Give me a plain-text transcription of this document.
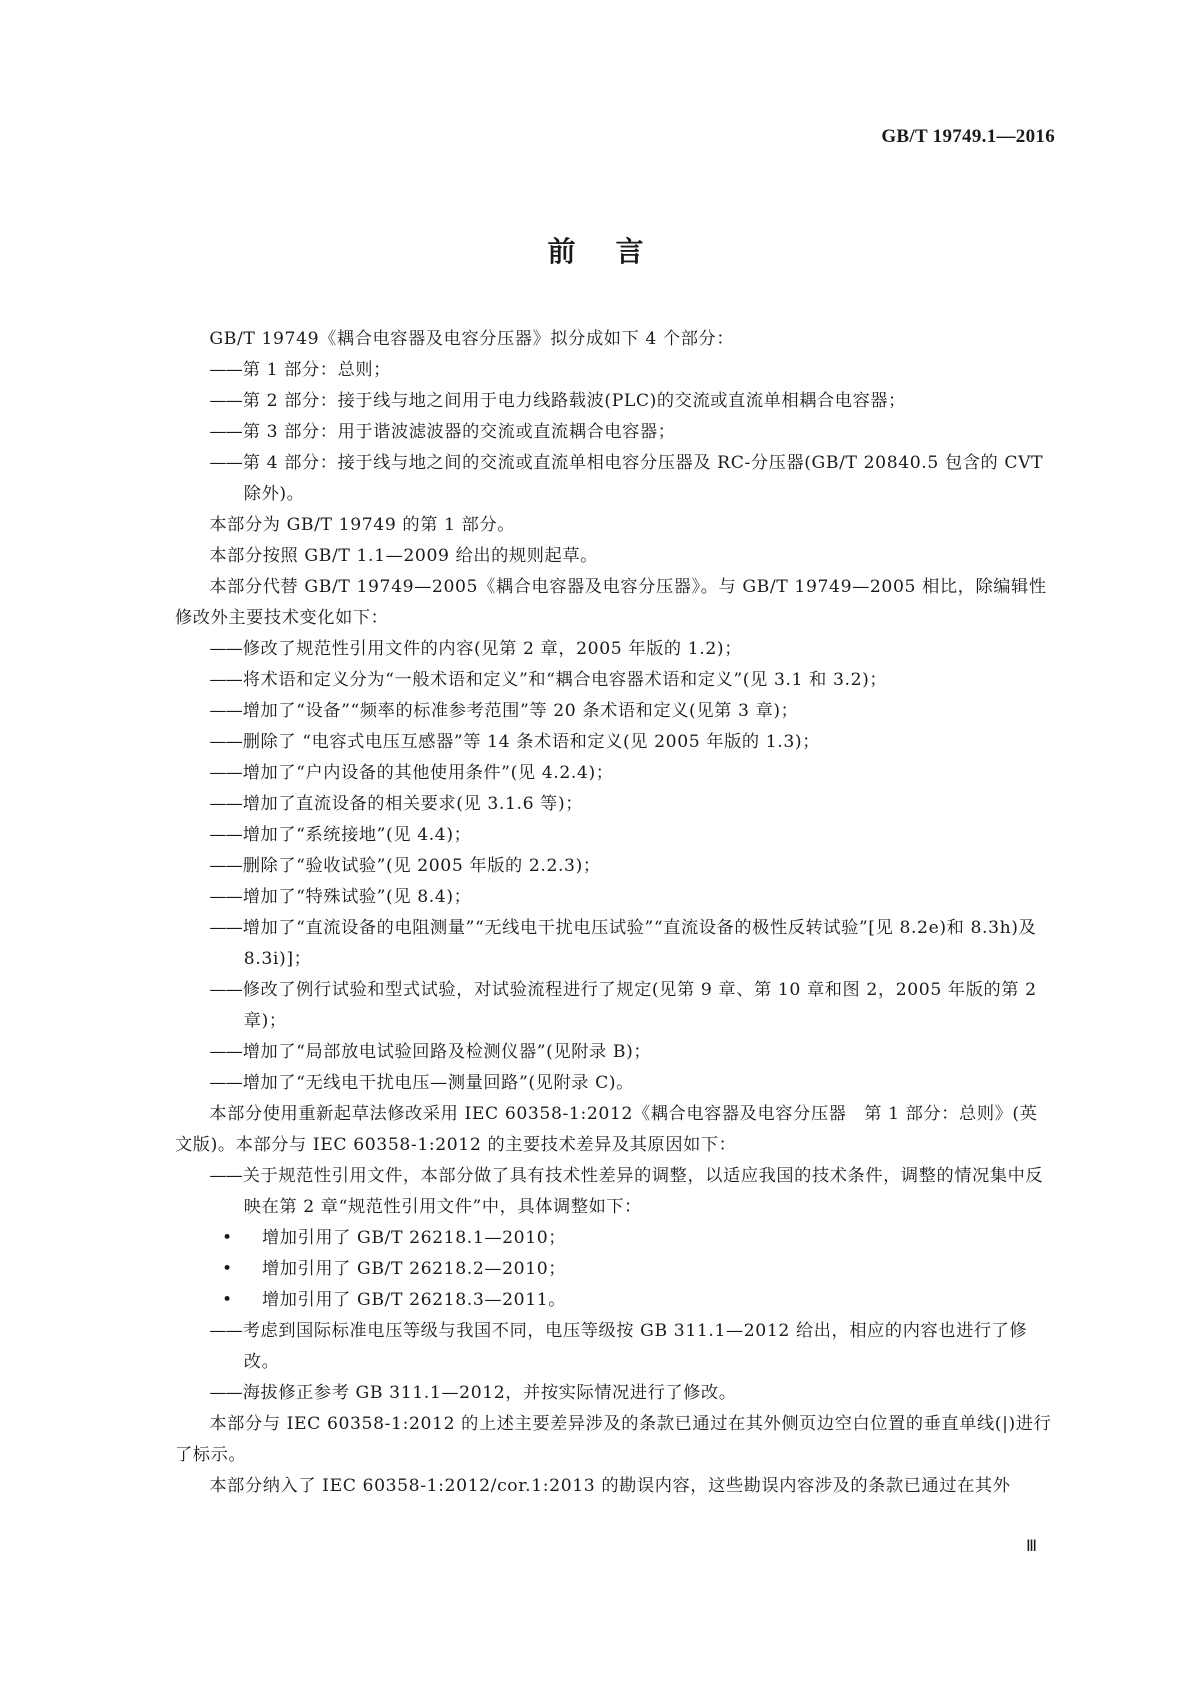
GB/T 19749.1—2016
前言

GB/T 19749《耦合电容器及电容分压器》拟分成如下 4 个部分：

—— 第 1 部分：总则；

—— 第 2 部分：接于线与地之间用于电力线路载波(PLC)的交流或直流单相耦合电容器；

—— 第 3 部分：用于谐波滤波器的交流或直流耦合电容器；

—— 第 4 部分：接于线与地之间的交流或直流单相电容分压器及 RC-分压器(GB/T 20840.5 包含的 CVT 除外)。

本部分为 GB/T 19749 的第 1 部分。

本部分按照 GB/T 1.1—2009 给出的规则起草。

本部分代替 GB/T 19749—2005《耦合电容器及电容分压器》。与 GB/T 19749—2005 相比，除编辑性修改外主要技术变化如下：

—— 修改了规范性引用文件的内容(见第 2 章，2005 年版的 1.2)；

—— 将术语和定义分为“一般术语和定义”和“耦合电容器术语和定义”(见 3.1 和 3.2)；

—— 增加了“设备”“频率的标准参考范围”等 20 条术语和定义(见第 3 章)；

—— 删除了 “电容式电压互感器”等 14 条术语和定义(见 2005 年版的 1.3)；

—— 增加了“户内设备的其他使用条件”(见 4.2.4)；

—— 增加了直流设备的相关要求(见 3.1.6 等)；

—— 增加了“系统接地”(见 4.4)；

—— 删除了“验收试验”(见 2005 年版的 2.2.3)；

—— 增加了“特殊试验”(见 8.4)；

—— 增加了“直流设备的电阻测量”“无线电干扰电压试验”“直流设备的极性反转试验”[见 8.2e)和 8.3h)及 8.3i)]；

—— 修改了例行试验和型式试验，对试验流程进行了规定(见第 9 章、第 10 章和图 2，2005 年版的第 2 章)；

—— 增加了“局部放电试验回路及检测仪器”(见附录 B)；

—— 增加了“无线电干扰电压—测量回路”(见附录 C)。

本部分使用重新起草法修改采用 IEC 60358-1:2012《耦合电容器及电容分压器　第 1 部分：总则》(英文版)。本部分与 IEC 60358-1:2012 的主要技术差异及其原因如下：

—— 关于规范性引用文件，本部分做了具有技术性差异的调整，以适应我国的技术条件，调整的情况集中反映在第 2 章“规范性引用文件”中，具体调整如下：

•	增加引用了 GB/T 26218.1—2010；

•	增加引用了 GB/T 26218.2—2010；

•	增加引用了 GB/T 26218.3—2011。

—— 考虑到国际标准电压等级与我国不同，电压等级按 GB 311.1—2012 给出，相应的内容也进行了修改。

—— 海拔修正参考 GB 311.1—2012，并按实际情况进行了修改。

本部分与 IEC 60358-1:2012 的上述主要差异涉及的条款已通过在其外侧页边空白位置的垂直单线(|)进行了标示。

本部分纳入了 IEC 60358-1:2012/cor.1:2013 的勘误内容，这些勘误内容涉及的条款已通过在其外

Ⅲ
